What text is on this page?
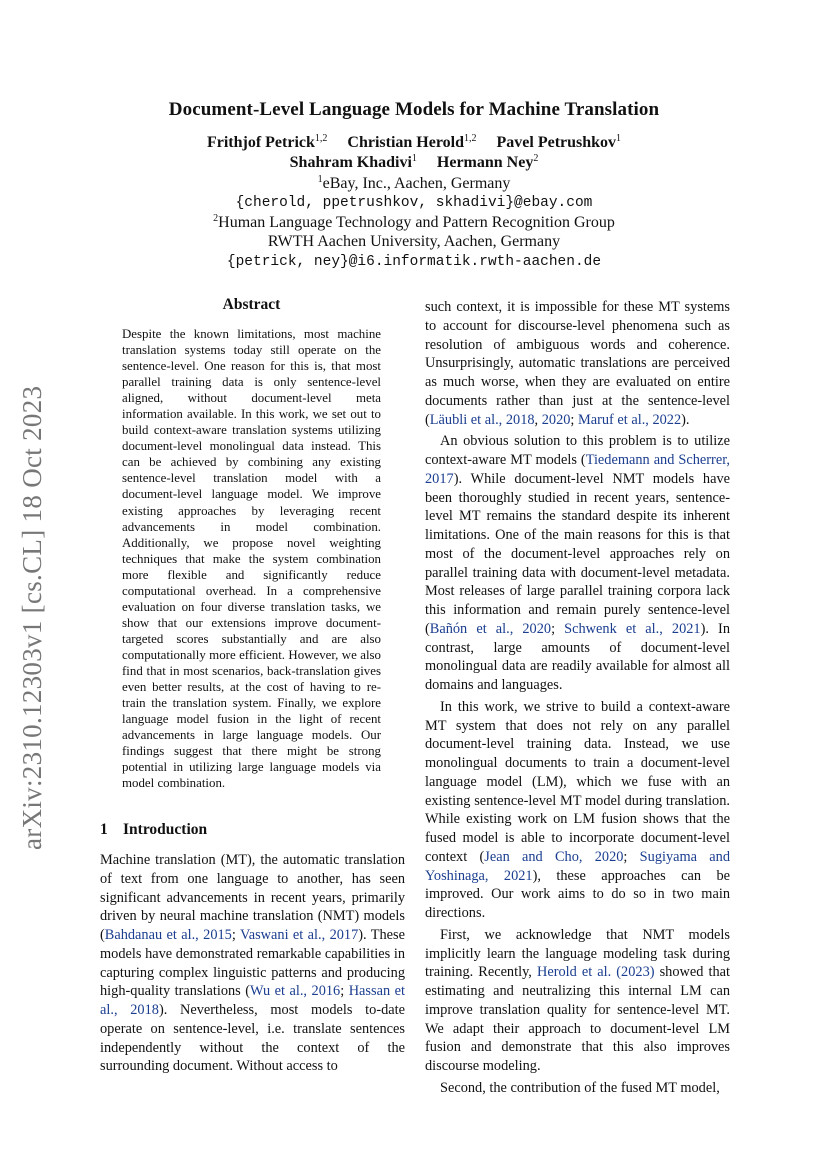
Document-Level Language Models for Machine Translation
Frithjof Petrick$^{1,2}$ Christian Herold$^{1,2}$ Pavel Petrushkov$^1$
Shahram Khadivi$^1$ Hermann Ney$^2$
$^1$eBay, Inc., Aachen, Germany
{cherold, ppetrushkov, skhadivi}@ebay.com
$^2$Human Language Technology and Pattern Recognition Group
RWTH Aachen University, Aachen, Germany
{petrick, ney}@i6.informatik.rwth-aachen.de
arXiv:2310.12303v1 [cs.CL] 18 Oct 2023
Abstract
Despite the known limitations, most machine translation systems today still operate on the sentence-level. One reason for this is, that most parallel training data is only sentence-level aligned, without document-level meta information available. In this work, we set out to build context-aware translation systems utilizing document-level monolingual data instead. This can be achieved by combining any existing sentence-level translation model with a document-level language model. We improve existing approaches by leveraging recent advancements in model combination. Additionally, we propose novel weighting techniques that make the system combination more flexible and significantly reduce computational overhead. In a comprehensive evaluation on four diverse translation tasks, we show that our extensions improve document-targeted scores substantially and are also computationally more efficient. However, we also find that in most scenarios, back-translation gives even better results, at the cost of having to re-train the translation system. Finally, we explore language model fusion in the light of recent advancements in large language models. Our findings suggest that there might be strong potential in utilizing large language models via model combination.
1 Introduction

Machine translation (MT), the automatic translation of text from one language to another, has seen significant advancements in recent years, primarily driven by neural machine translation (NMT) models (Bahdanau et al., 2015; Vaswani et al., 2017). These models have demonstrated remarkable capabilities in capturing complex linguistic patterns and producing high-quality translations (Wu et al., 2016; Hassan et al., 2018). Nevertheless, most models to-date operate on sentence-level, i.e. translate sentences independently without the context of the surrounding document. Without access to

such context, it is impossible for these MT systems to account for discourse-level phenomena such as resolution of ambiguous words and coherence. Unsurprisingly, automatic translations are perceived as much worse, when they are evaluated on entire documents rather than just at the sentence-level (Läubli et al., 2018, 2020; Maruf et al., 2022).

An obvious solution to this problem is to utilize context-aware MT models (Tiedemann and Scherrer, 2017). While document-level NMT models have been thoroughly studied in recent years, sentence-level MT remains the standard despite its inherent limitations. One of the main reasons for this is that most of the document-level approaches rely on parallel training data with document-level metadata. Most releases of large parallel training corpora lack this information and remain purely sentence-level (Bañón et al., 2020; Schwenk et al., 2021). In contrast, large amounts of document-level monolingual data are readily available for almost all domains and languages.

In this work, we strive to build a context-aware MT system that does not rely on any parallel document-level training data. Instead, we use monolingual documents to train a document-level language model (LM), which we fuse with an existing sentence-level MT model during translation. While existing work on LM fusion shows that the fused model is able to incorporate document-level context (Jean and Cho, 2020; Sugiyama and Yoshinaga, 2021), these approaches can be improved. Our work aims to do so in two main directions.

First, we acknowledge that NMT models implicitly learn the language modeling task during training. Recently, Herold et al. (2023) showed that estimating and neutralizing this internal LM can improve translation quality for sentence-level MT. We adapt their approach to document-level LM fusion and demonstrate that this also improves discourse modeling.

Second, the contribution of the fused MT model,
